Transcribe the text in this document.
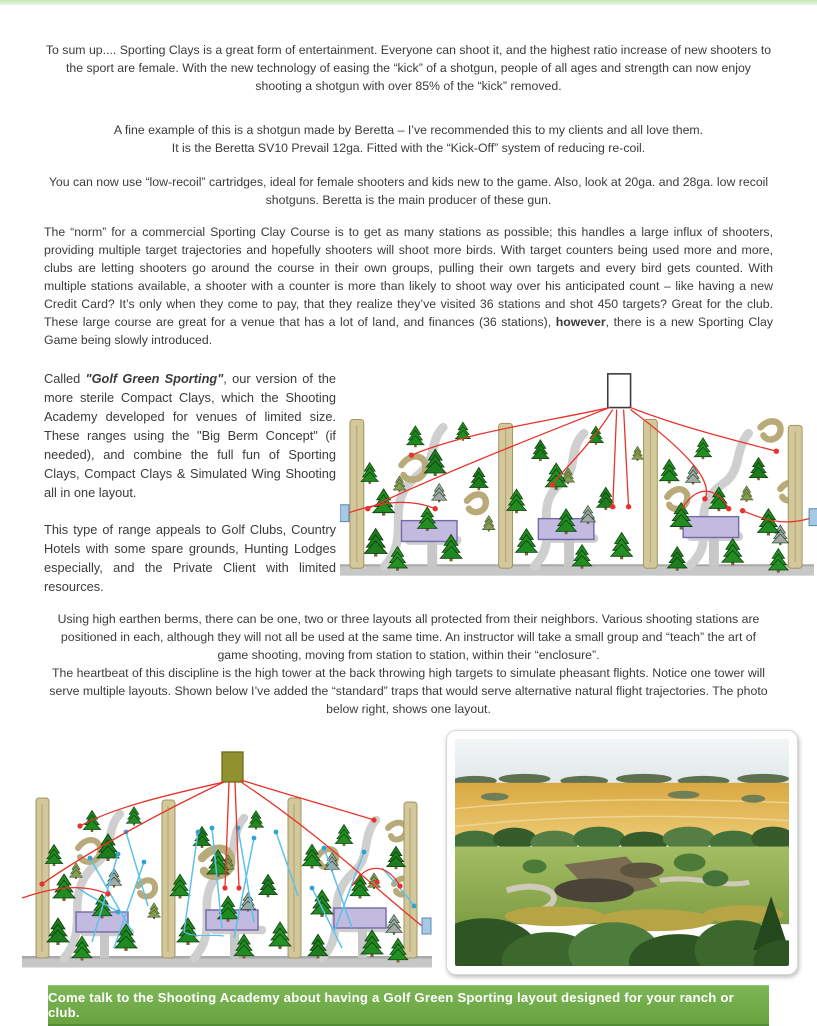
To sum up.... Sporting Clays is a great form of entertainment. Everyone can shoot it, and the highest ratio increase of new shooters to the sport are female. With the new technology of easing the “kick” of a shotgun, people of all ages and strength can now enjoy shooting a shotgun with over 85% of the “kick” removed.

A fine example of this is a shotgun made by Beretta – I’ve recommended this to my clients and all love them.

It is the Beretta SV10 Prevail 12ga. Fitted with the “Kick-Off” system of reducing re-coil.

You can now use “low-recoil” cartridges, ideal for female shooters and kids new to the game. Also, look at 20ga. and 28ga. low recoil shotguns. Beretta is the main producer of these gun.

The “norm” for a commercial Sporting Clay Course is to get as many stations as possible; this handles a large influx of shooters, providing multiple target trajectories and hopefully shooters will shoot more birds. With target counters being used more and more, clubs are letting shooters go around the course in their own groups, pulling their own targets and every bird gets counted. With multiple stations available, a shooter with a counter is more than likely to shoot way over his anticipated count – like having a new Credit Card? It’s only when they come to pay, that they realize they’ve visited 36 stations and shot 450 targets? Great for the club. These large course are great for a venue that has a lot of land, and finances (36 stations), however, there is a new Sporting Clay Game being slowly introduced.

Called "Golf Green Sporting", our version of the more sterile Compact Clays, which the Shooting Academy developed for venues of limited size. These ranges using the "Big Berm Concept" (if needed), and combine the full fun of Sporting Clays, Compact Clays & Simulated Wing Shooting all in one layout.

This type of range appeals to Golf Clubs, Country Hotels with some spare grounds, Hunting Lodges especially, and the Private Client with limited resources.

Using high earthen berms, there can be one, two or three layouts all protected from their neighbors. Various shooting stations are positioned in each, although they will not all be used at the same time. An instructor will take a small group and “teach” the art of game shooting, moving from station to station, within their “enclosure”.

The heartbeat of this discipline is the high tower at the back throwing high targets to simulate pheasant flights. Notice one tower will serve multiple layouts. Shown below I’ve added the “standard” traps that would serve alternative natural flight trajectories. The photo below right, shows one layout.

Come talk to the Shooting Academy about having a Golf Green Sporting layout designed for your ranch or club.
